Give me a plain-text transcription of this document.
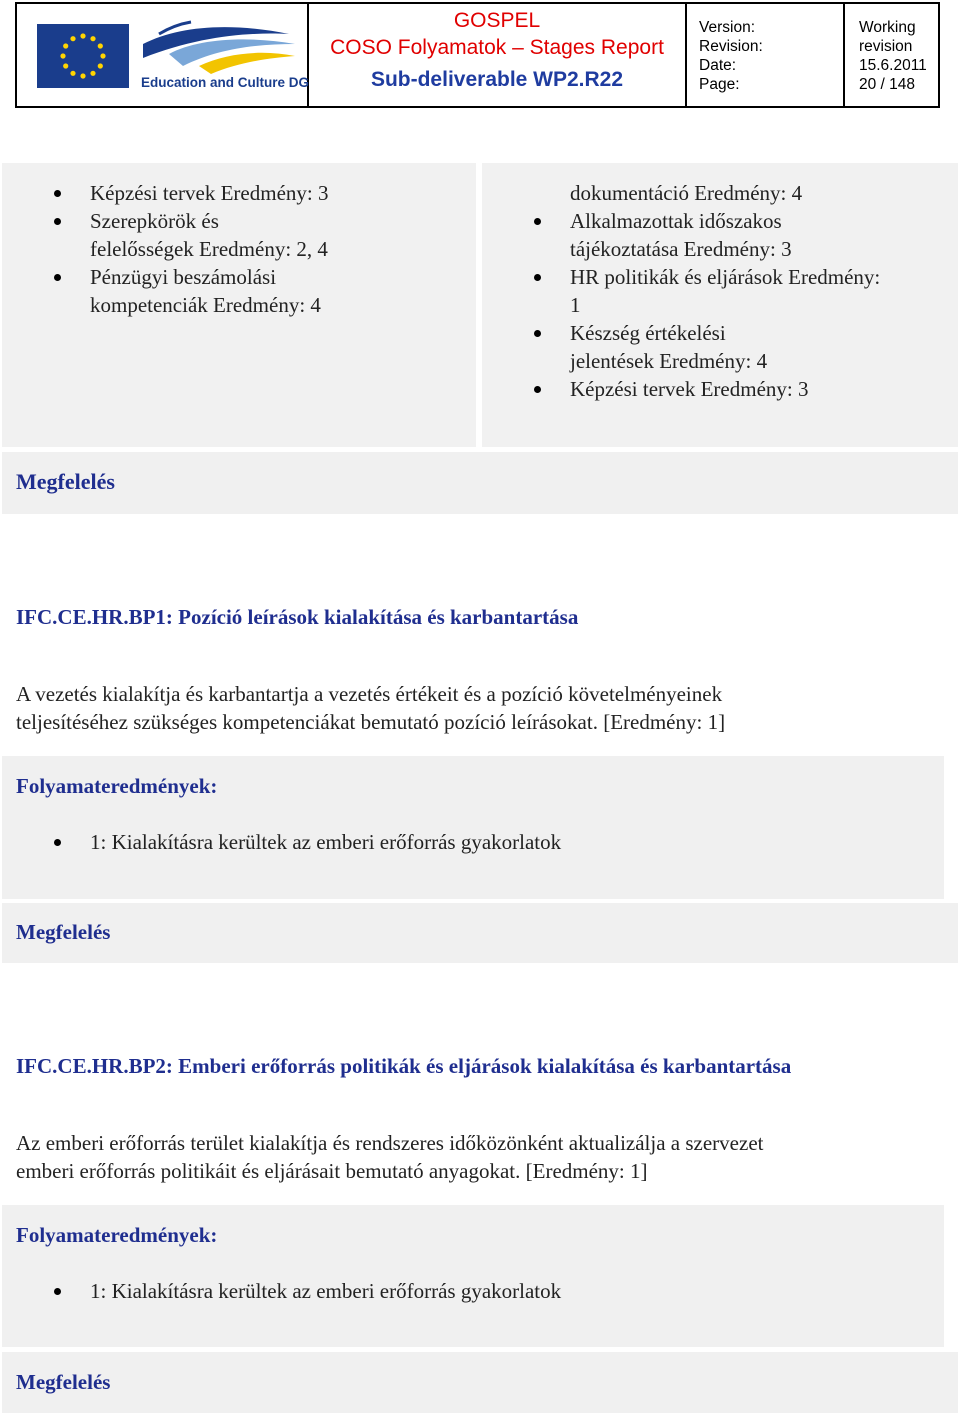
Education and Culture DG
GOSPEL
COSO Folyamatok – Stages Report
Sub-deliverable WP2.R22
Version:
Revision:
Date:
Page:
Working
revision
15.6.2011
20 / 148
Képzési tervek Eredmény: 3
Szerepkörök és
felelősségek Eredmény: 2, 4
Pénzügyi beszámolási
kompetenciák Eredmény: 4
dokumentáció Eredmény: 4
Alkalmazottak időszakos
tájékoztatása Eredmény: 3
HR politikák és eljárások Eredmény:
1
Készség értékelési
jelentések Eredmény: 4
Képzési tervek Eredmény: 3
Megfelelés
IFC.CE.HR.BP1: Pozíció leírások kialakítása és karbantartása
A vezetés kialakítja és karbantartja a vezetés értékeit és a pozíció követelményeinek
teljesítéséhez szükséges kompetenciákat bemutató pozíció leírásokat. [Eredmény: 1]
Folyamateredmények:
1: Kialakításra kerültek az emberi erőforrás gyakorlatok
Megfelelés
IFC.CE.HR.BP2: Emberi erőforrás politikák és eljárások kialakítása és karbantartása
Az emberi erőforrás terület kialakítja és rendszeres időközönként aktualizálja a szervezet
emberi erőforrás politikáit és eljárásait bemutató anyagokat. [Eredmény: 1]
Folyamateredmények:
1: Kialakításra kerültek az emberi erőforrás gyakorlatok
Megfelelés
